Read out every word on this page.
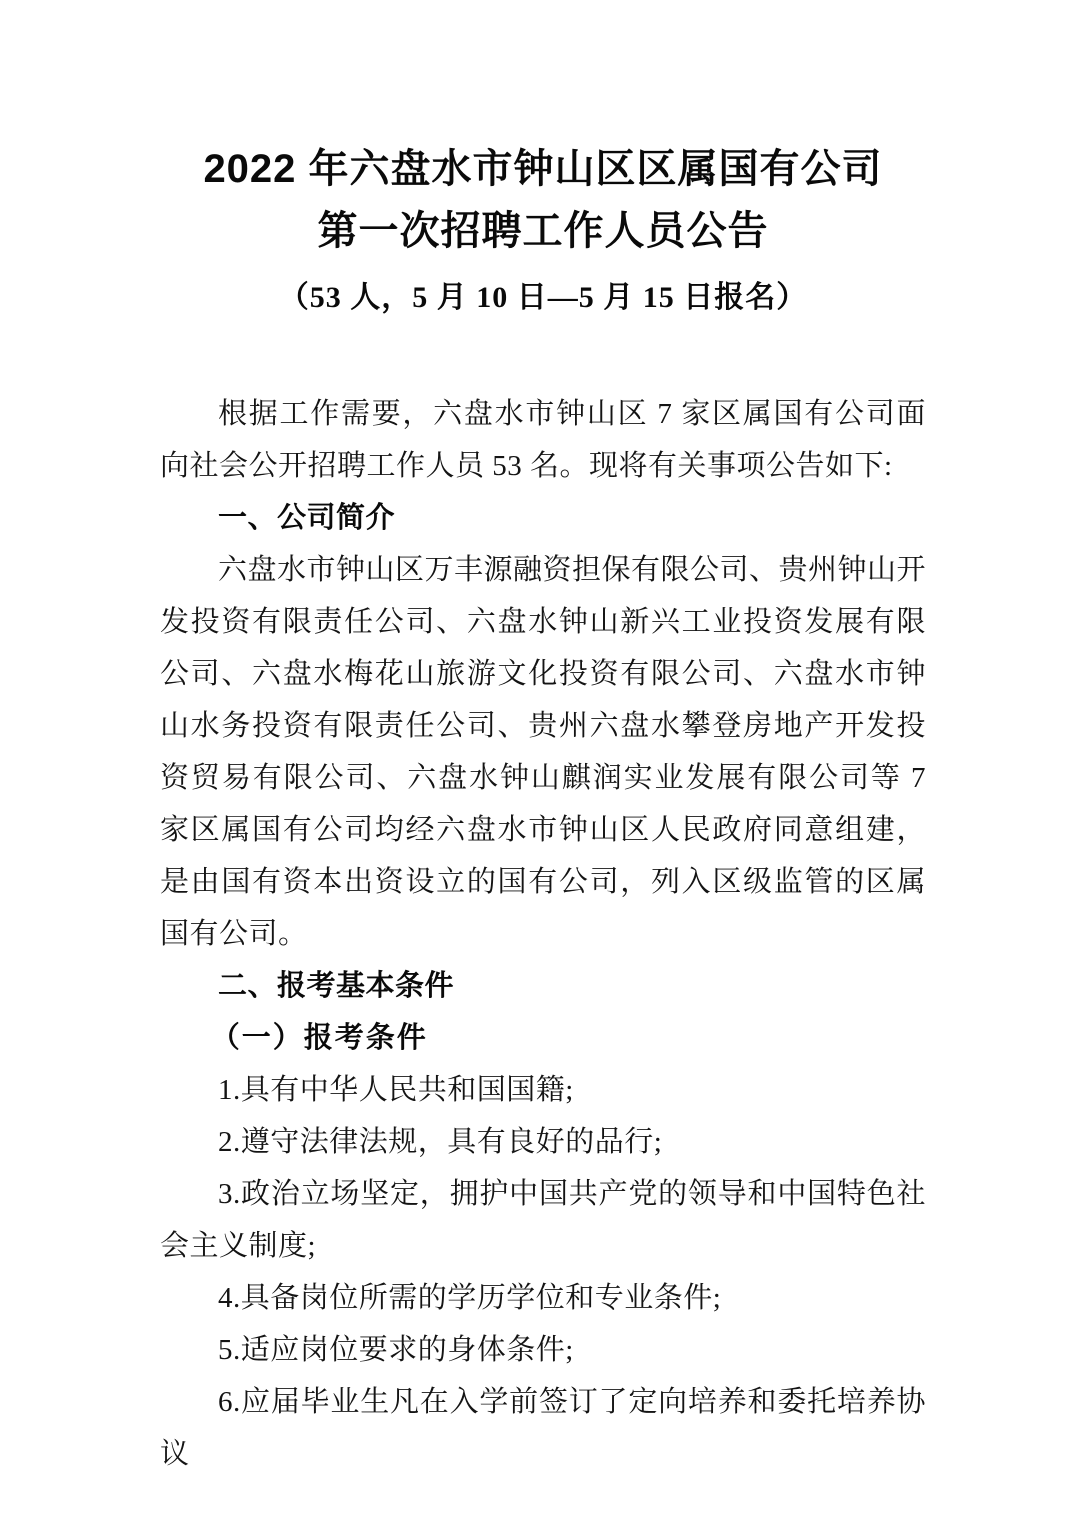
2022 年六盘水市钟山区区属国有公司
第一次招聘工作人员公告
（53 人，5 月 10 日—5 月 15 日报名）

根据工作需要，六盘水市钟山区 7 家区属国有公司面向社会公开招聘工作人员 53 名。现将有关事项公告如下:

一、公司简介

六盘水市钟山区万丰源融资担保有限公司、贵州钟山开发投资有限责任公司、六盘水钟山新兴工业投资发展有限公司、六盘水梅花山旅游文化投资有限公司、六盘水市钟山水务投资有限责任公司、贵州六盘水攀登房地产开发投资贸易有限公司、六盘水钟山麒润实业发展有限公司等 7 家区属国有公司均经六盘水市钟山区人民政府同意组建，是由国有资本出资设立的国有公司，列入区级监管的区属国有公司。

二、报考基本条件
（一）报考条件

1.具有中华人民共和国国籍;

2.遵守法律法规，具有良好的品行;

3.政治立场坚定，拥护中国共产党的领导和中国特色社会主义制度;

4.具备岗位所需的学历学位和专业条件;

5.适应岗位要求的身体条件;

6.应届毕业生凡在入学前签订了定向培养和委托培养协议
